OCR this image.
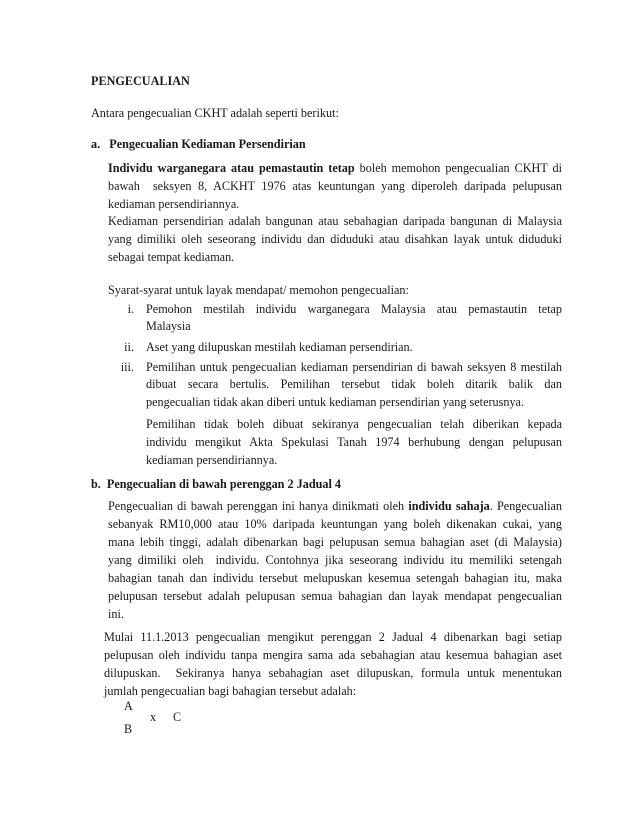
PENGECUALIAN
Antara pengecualian CKHT adalah seperti berikut:
a.   Pengecualian Kediaman Persendirian
Individu warganegara atau pemastautin tetap boleh memohon pengecualian CKHT di
bawah  seksyen 8, ACKHT 1976 atas keuntungan yang diperoleh daripada pelupusan
kediaman persendiriannya.
Kediaman persendirian adalah bangunan atau sebahagian daripada bangunan di Malaysia
yang dimiliki oleh seseorang individu dan diduduki atau disahkan layak untuk diduduki
sebagai tempat kediaman.
Syarat-syarat untuk layak mendapat/ memohon pengecualian:
i. Pemohon mestilah individu warganegara Malaysia atau pemastautin tetap
Malaysia
ii. Aset yang dilupuskan mestilah kediaman persendirian.
iii. Pemilihan untuk pengecualian kediaman persendirian di bawah seksyen 8 mestilah
dibuat secara bertulis. Pemilihan tersebut tidak boleh ditarik balik dan
pengecualian tidak akan diberi untuk kediaman persendirian yang seterusnya.
Pemilihan tidak boleh dibuat sekiranya pengecualian telah diberikan kepada
individu mengikut Akta Spekulasi Tanah 1974 berhubung dengan pelupusan
kediaman persendiriannya.
b.  Pengecualian di bawah perenggan 2 Jadual 4
Pengecualian di bawah perenggan ini hanya dinikmati oleh individu sahaja. Pengecualian
sebanyak RM10,000 atau 10% daripada keuntungan yang boleh dikenakan cukai, yang
mana lebih tinggi, adalah dibenarkan bagi pelupusan semua bahagian aset (di Malaysia)
yang dimiliki oleh  individu. Contohnya jika seseorang individu itu memiliki setengah
bahagian tanah dan individu tersebut melupuskan kesemua setengah bahagian itu, maka
pelupusan tersebut adalah pelupusan semua bahagian dan layak mendapat pengecualian
ini.
Mulai 11.1.2013 pengecualian mengikut perenggan 2 Jadual 4 dibenarkan bagi setiap
pelupusan oleh individu tanpa mengira sama ada sebahagian atau kesemua bahagian aset
dilupuskan.  Sekiranya hanya sebahagian aset dilupuskan, formula untuk menentukan
jumlah pengecualian bagi bahagian tersebut adalah:
A
x C
B
